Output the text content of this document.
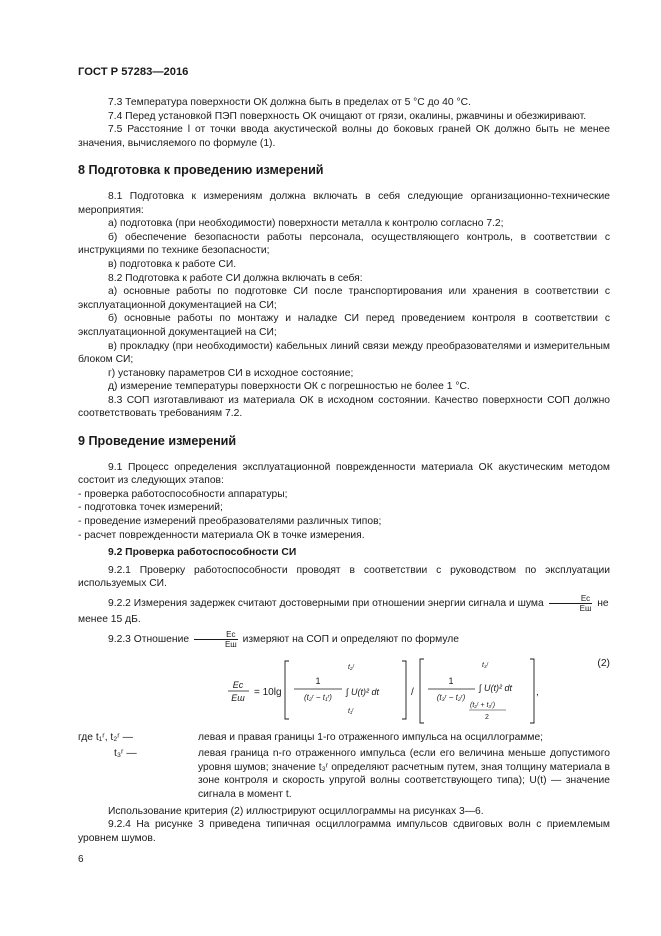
ГОСТ Р 57283—2016

7.3 Температура поверхности ОК должна быть в пределах от 5 °С до 40 °С.

7.4 Перед установкой ПЭП поверхность ОК очищают от грязи, окалины, ржавчины и обезжиривают.

7.5 Расстояние l от точки ввода акустической волны до боковых граней ОК должно быть не менее значения, вычисляемого по формуле (1).

8 Подготовка к проведению измерений

8.1 Подготовка к измерениям должна включать в себя следующие организационно-технические мероприятия:

а) подготовка (при необходимости) поверхности металла к контролю согласно 7.2;

б) обеспечение безопасности работы персонала, осуществляющего контроль, в соответствии с инструкциями по технике безопасности;

в) подготовка к работе СИ.

8.2 Подготовка к работе СИ должна включать в себя:

а) основные работы по подготовке СИ после транспортирования или хранения в соответствии с эксплуатационной документацией на СИ;

б) основные работы по монтажу и наладке СИ перед проведением контроля в соответствии с эксплуатационной документацией на СИ;

в) прокладку (при необходимости) кабельных линий связи между преобразователями и измерительным блоком СИ;

г) установку параметров СИ в исходное состояние;

д) измерение температуры поверхности ОК с погрешностью не более 1 °С.

8.3 СОП изготавливают из материала ОК в исходном состоянии. Качество поверхности СОП должно соответствовать требованиям 7.2.

9 Проведение измерений

9.1 Процесс определения эксплуатационной поврежденности материала ОК акустическим методом состоит из следующих этапов:

- проверка работоспособности аппаратуры;

- подготовка точек измерений;

- проведение измерений преобразователями различных типов;

- расчет поврежденности материала ОК в точке измерения.

9.2 Проверка работоспособности СИ

9.2.1 Проверку работоспособности проводят в соответствии с руководством по эксплуатации используемых СИ.

9.2.2 Измерения задержек считают достоверными при отношении энергии сигнала и шума $\frac{Eс}{Eш}$ не

менее 15 дБ.

9.2.3 Отношение $\frac{Eс}{Eш}$ измеряют на СОП и определяют по формуле

Eс
Eш = 10lg
1
(t₂ʳ − t₁ʳ)
t₂ʳ
∫ U(t)² dt
t₁ʳ
/
1
(t₃ʳ − t₂ʳ)
t₃ʳ
∫ U(t)² dt
(t₂ʳ + t₃ʳ)
2
,
(2)
где t₁ʳ, t₂ʳ —	левая и правая границы 1-го отраженного импульса на осциллограмме;

t₃ʳ —	левая граница n-го отраженного импульса (если его величина меньше допустимого уровня шумов; значение t₃ʳ определяют расчетным путем, зная толщину материала в зоне контроля и скорость упругой волны соответствующего типа); U(t) — значение сигнала в момент t.

Использование критерия (2) иллюстрируют осциллограммы на рисунках 3—6.

9.2.4 На рисунке 3 приведена типичная осциллограмма импульсов сдвиговых волн с приемлемым уровнем шумов.

6
